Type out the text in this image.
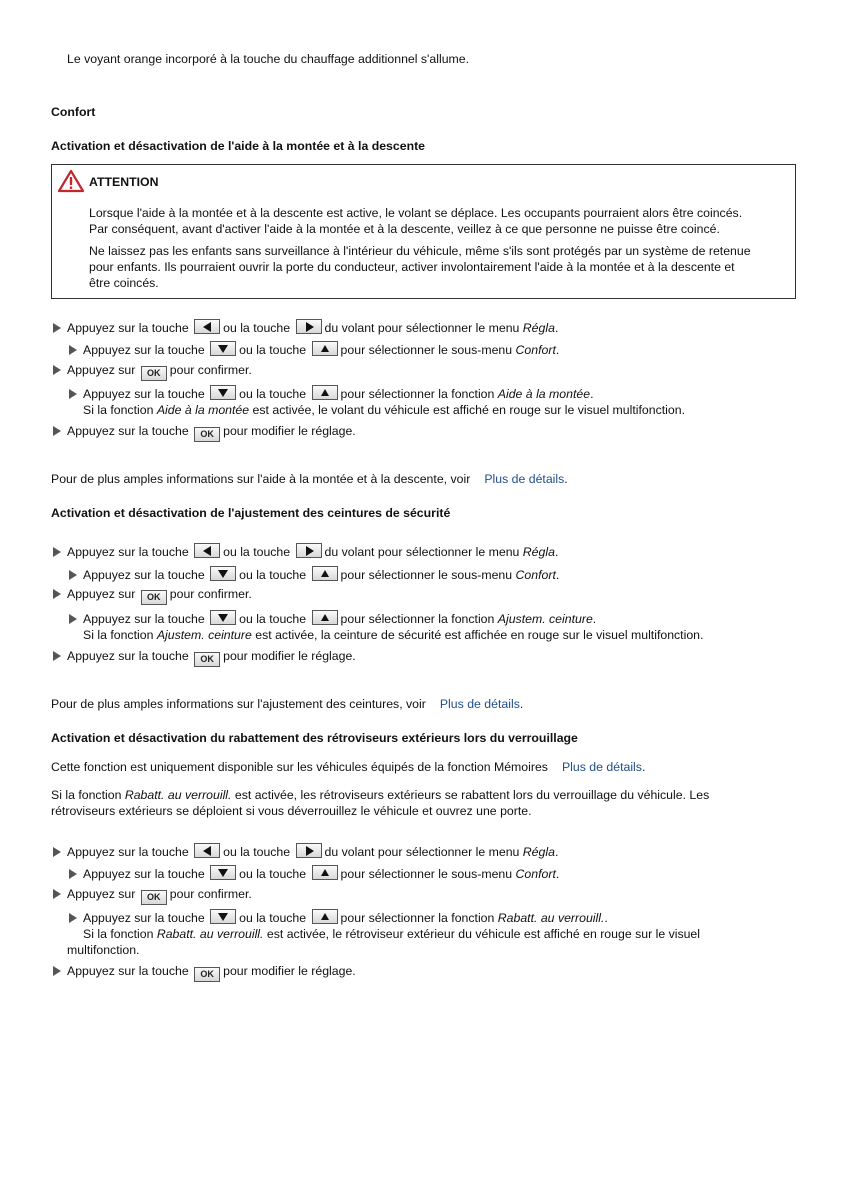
Le voyant orange incorporé à la touche du chauffage additionnel s'allume.
Confort
Activation et désactivation de l'aide à la montée et à la descente
ATTENTION
Lorsque l'aide à la montée et à la descente est active, le volant se déplace. Les occupants pourraient alors être coincés.
Par conséquent, avant d'activer l'aide à la montée et à la descente, veillez à ce que personne ne puisse être coincé.
Ne laissez pas les enfants sans surveillance à l'intérieur du véhicule, même s'ils sont protégés par un système de retenue
pour enfants. Ils pourraient ouvrir la porte du conducteur, activer involontairement l'aide à la montée et à la descente et
être coincés.
Appuyez sur la touche	ou la touche	du volant pour sélectionner le menu Régla.
Appuyez sur la touche	ou la touche	pour sélectionner le sous-menu Confort.
Appuyez sur OK pour confirmer.
Appuyez sur la touche	ou la touche	pour sélectionner la fonction Aide à la montée.
Si la fonction Aide à la montée est activée, le volant du véhicule est affiché en rouge sur le visuel multifonction.
Appuyez sur la touche OK pour modifier le réglage.
Pour de plus amples informations sur l'aide à la montée et à la descente, voir Plus de détails.
Activation et désactivation de l'ajustement des ceintures de sécurité
Appuyez sur la touche	ou la touche	du volant pour sélectionner le menu Régla.
Appuyez sur la touche	ou la touche	pour sélectionner le sous-menu Confort.
Appuyez sur OK pour confirmer.
Appuyez sur la touche	ou la touche	pour sélectionner la fonction Ajustem. ceinture.
Si la fonction Ajustem. ceinture est activée, la ceinture de sécurité est affichée en rouge sur le visuel multifonction.
Appuyez sur la touche OK pour modifier le réglage.
Pour de plus amples informations sur l'ajustement des ceintures, voir Plus de détails.
Activation et désactivation du rabattement des rétroviseurs extérieurs lors du verrouillage
Cette fonction est uniquement disponible sur les véhicules équipés de la fonction Mémoires Plus de détails.
Si la fonction Rabatt. au verrouill. est activée, les rétroviseurs extérieurs se rabattent lors du verrouillage du véhicule. Les
rétroviseurs extérieurs se déploient si vous déverrouillez le véhicule et ouvrez une porte.
Appuyez sur la touche	ou la touche	du volant pour sélectionner le menu Régla.
Appuyez sur la touche	ou la touche	pour sélectionner le sous-menu Confort.
Appuyez sur OK pour confirmer.
Appuyez sur la touche	ou la touche	pour sélectionner la fonction Rabatt. au verrouill..
Si la fonction Rabatt. au verrouill. est activée, le rétroviseur extérieur du véhicule est affiché en rouge sur le visuel
multifonction.
Appuyez sur la touche OK pour modifier le réglage.
